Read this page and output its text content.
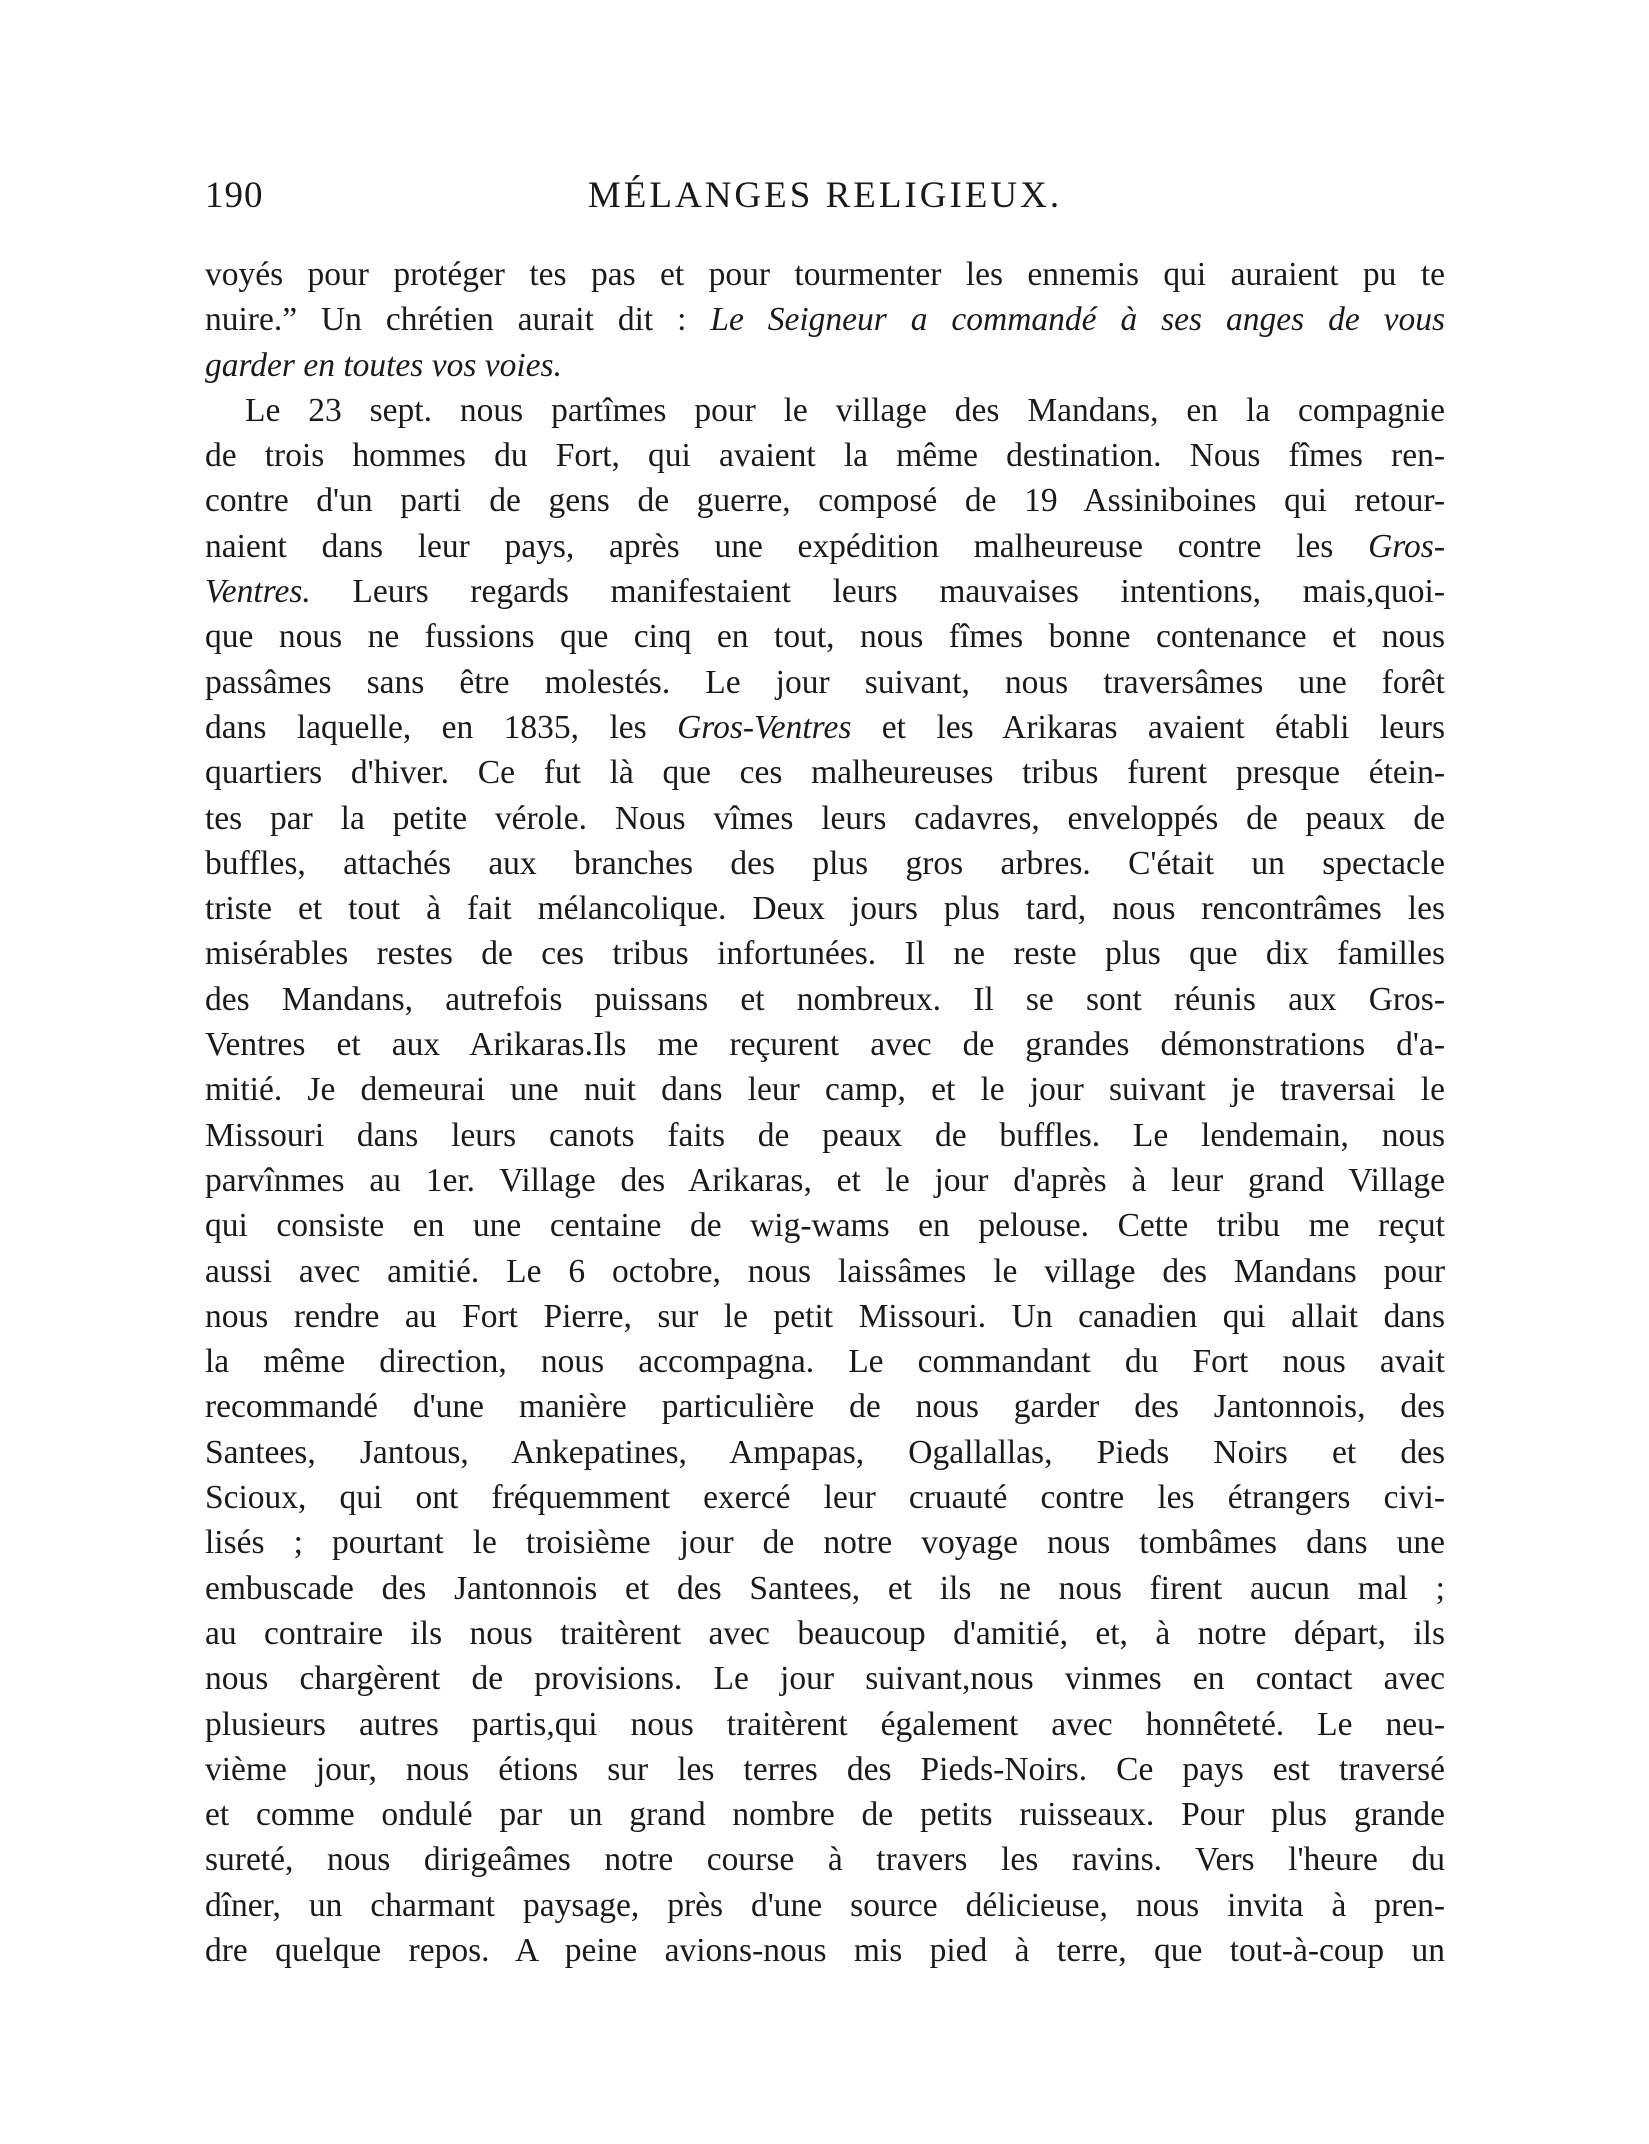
190	MÉLANGES RELIGIEUX.
voyés pour protéger tes pas et pour tourmenter les ennemis qui auraient pu te
nuire.” Un chrétien aurait dit : Le Seigneur a commandé à ses anges de vous
garder en toutes vos voies.
Le 23 sept. nous partîmes pour le village des Mandans, en la compagnie
de trois hommes du Fort, qui avaient la même destination. Nous fîmes ren-
contre d'un parti de gens de guerre, composé de 19 Assiniboines qui retour-
naient dans leur pays, après une expédition malheureuse contre les Gros-
Ventres. Leurs regards manifestaient leurs mauvaises intentions, mais,quoi-
que nous ne fussions que cinq en tout, nous fîmes bonne contenance et nous
passâmes sans être molestés. Le jour suivant, nous traversâmes une forêt
dans laquelle, en 1835, les Gros-Ventres et les Arikaras avaient établi leurs
quartiers d'hiver. Ce fut là que ces malheureuses tribus furent presque étein-
tes par la petite vérole. Nous vîmes leurs cadavres, enveloppés de peaux de
buffles, attachés aux branches des plus gros arbres. C'était un spectacle
triste et tout à fait mélancolique. Deux jours plus tard, nous rencontrâmes les
misérables restes de ces tribus infortunées. Il ne reste plus que dix familles
des Mandans, autrefois puissans et nombreux. Il se sont réunis aux Gros-
Ventres et aux Arikaras.Ils me reçurent avec de grandes démonstrations d'a-
mitié. Je demeurai une nuit dans leur camp, et le jour suivant je traversai le
Missouri dans leurs canots faits de peaux de buffles. Le lendemain, nous
parvînmes au 1er. Village des Arikaras, et le jour d'après à leur grand Village
qui consiste en une centaine de wig-wams en pelouse. Cette tribu me reçut
aussi avec amitié. Le 6 octobre, nous laissâmes le village des Mandans pour
nous rendre au Fort Pierre, sur le petit Missouri. Un canadien qui allait dans
la même direction, nous accompagna. Le commandant du Fort nous avait
recommandé d'une manière particulière de nous garder des Jantonnois, des
Santees, Jantous, Ankepatines, Ampapas, Ogallallas, Pieds Noirs et des
Scioux, qui ont fréquemment exercé leur cruauté contre les étrangers civi-
lisés ; pourtant le troisième jour de notre voyage nous tombâmes dans une
embuscade des Jantonnois et des Santees, et ils ne nous firent aucun mal ;
au contraire ils nous traitèrent avec beaucoup d'amitié, et, à notre départ, ils
nous chargèrent de provisions. Le jour suivant,nous vinmes en contact avec
plusieurs autres partis,qui nous traitèrent également avec honnêteté. Le neu-
vième jour, nous étions sur les terres des Pieds-Noirs. Ce pays est traversé
et comme ondulé par un grand nombre de petits ruisseaux. Pour plus grande
sureté, nous dirigeâmes notre course à travers les ravins. Vers l'heure du
dîner, un charmant paysage, près d'une source délicieuse, nous invita à pren-
dre quelque repos. A peine avions-nous mis pied à terre, que tout-à-coup un
